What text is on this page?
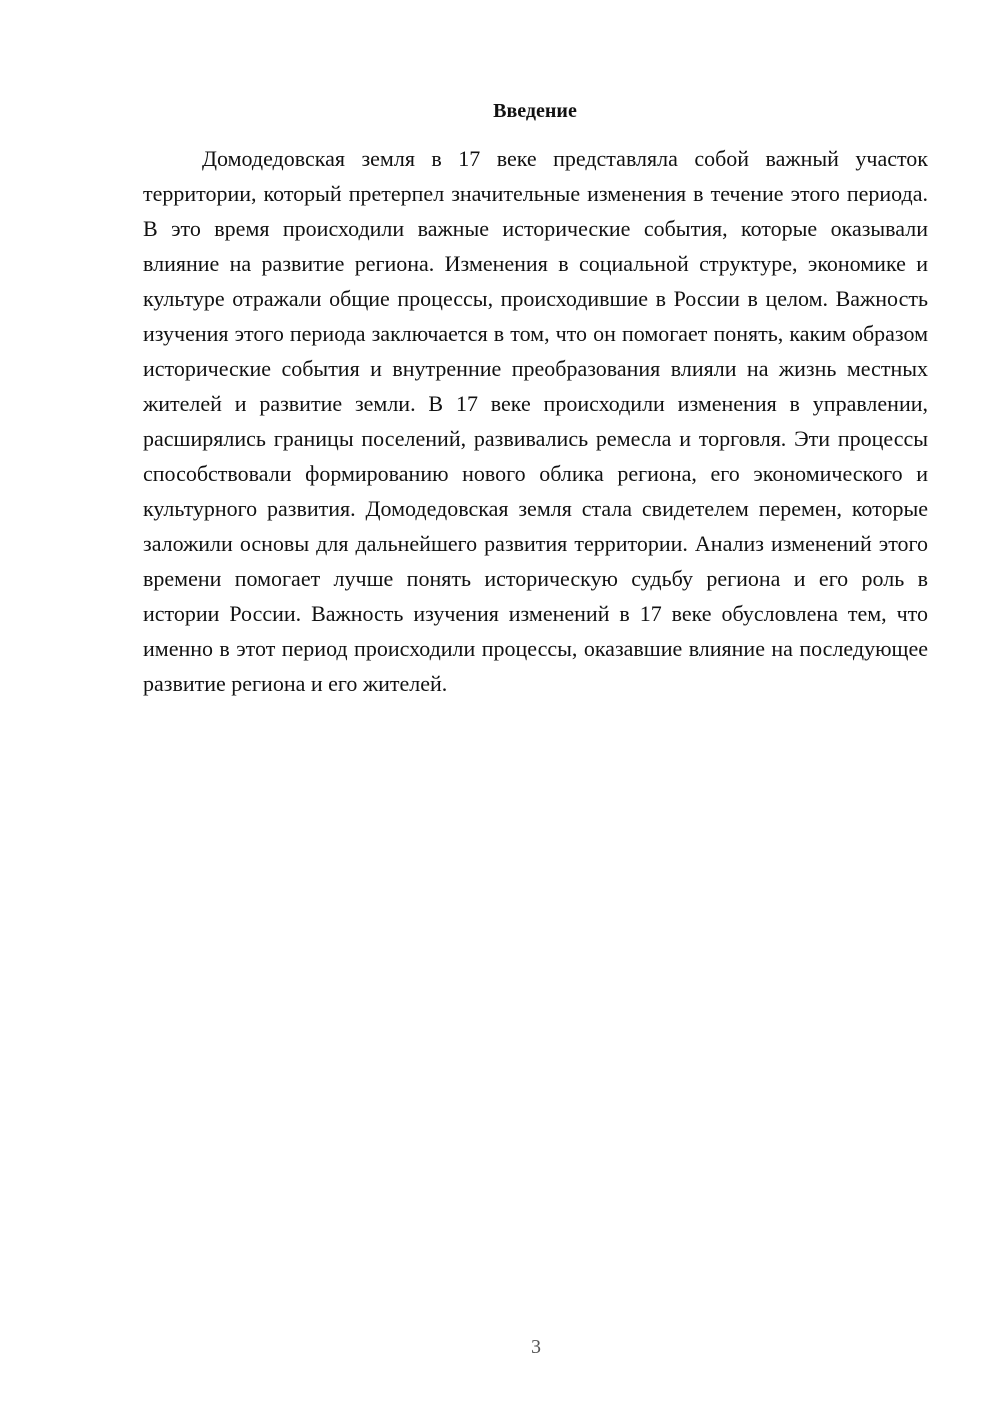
Введение

Домодедовская земля в 17 веке представляла собой важный участок территории, который претерпел значительные изменения в течение этого периода. В это время происходили важные исторические события, которые оказывали влияние на развитие региона. Изменения в социальной структуре, экономике и культуре отражали общие процессы, происходившие в России в целом. Важность изучения этого периода заключается в том, что он помогает понять, каким образом исторические события и внутренние преобразования влияли на жизнь местных жителей и развитие земли. В 17 веке происходили изменения в управлении, расширялись границы поселений, развивались ремесла и торговля. Эти процессы способствовали формированию нового облика региона, его экономического и культурного развития. Домодедовская земля стала свидетелем перемен, которые заложили основы для дальнейшего развития территории. Анализ изменений этого времени помогает лучше понять историческую судьбу региона и его роль в истории России. Важность изучения изменений в 17 веке обусловлена тем, что именно в этот период происходили процессы, оказавшие влияние на последующее развитие региона и его жителей.

3
